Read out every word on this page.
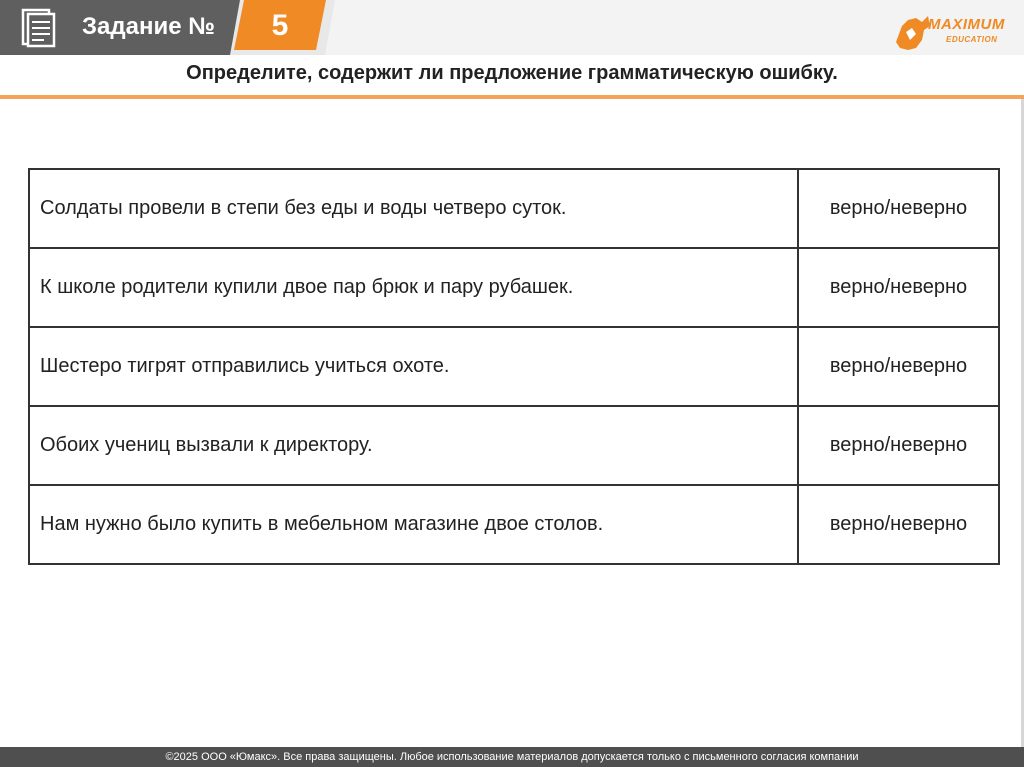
Задание №	5	MAXIMUM
EDUCATION
Определите, содержит ли предложение грамматическую ошибку.
Солдаты провели в степи без еды и воды четверо суток.	верно/неверно
К школе родители купили двое пар брюк и пару рубашек.	верно/неверно
Шестеро тигрят отправились учиться охоте.	верно/неверно
Обоих учениц вызвали к директору.	верно/неверно
Нам нужно было купить в мебельном магазине двое столов.	верно/неверно
©2025 ООО «Юмакс». Все права защищены. Любое использование материалов допускается только с письменного согласия компании
